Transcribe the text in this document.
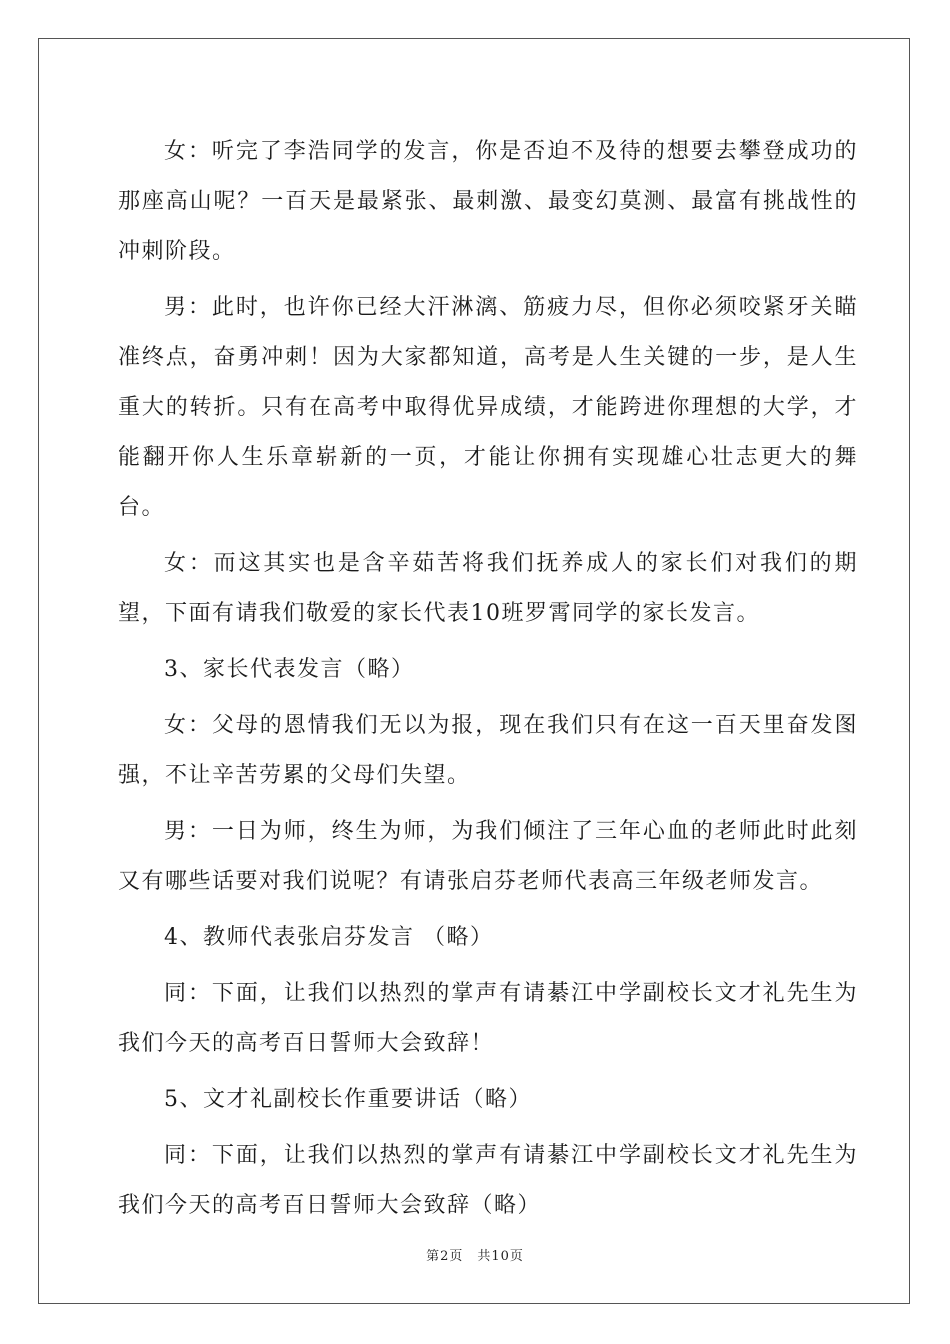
女：听完了李浩同学的发言，你是否迫不及待的想要去攀登成功的那座高山呢？一百天是最紧张、最刺激、最变幻莫测、最富有挑战性的冲刺阶段。

男：此时，也许你已经大汗淋漓、筋疲力尽，但你必须咬紧牙关瞄准终点，奋勇冲刺！因为大家都知道，高考是人生关键的一步，是人生重大的转折。只有在高考中取得优异成绩，才能跨进你理想的大学，才能翻开你人生乐章崭新的一页，才能让你拥有实现雄心壮志更大的舞台。

女：而这其实也是含辛茹苦将我们抚养成人的家长们对我们的期望，下面有请我们敬爱的家长代表10班罗霄同学的家长发言。

3、家长代表发言（略）

女：父母的恩情我们无以为报，现在我们只有在这一百天里奋发图强，不让辛苦劳累的父母们失望。

男：一日为师，终生为师，为我们倾注了三年心血的老师此时此刻又有哪些话要对我们说呢？有请张启芬老师代表高三年级老师发言。

4、教师代表张启芬发言 （略）

同：下面，让我们以热烈的掌声有请綦江中学副校长文才礼先生为我们今天的高考百日誓师大会致辞！

5、文才礼副校长作重要讲话（略）

同：下面，让我们以热烈的掌声有请綦江中学副校长文才礼先生为我们今天的高考百日誓师大会致辞（略）

第2页 共10页
